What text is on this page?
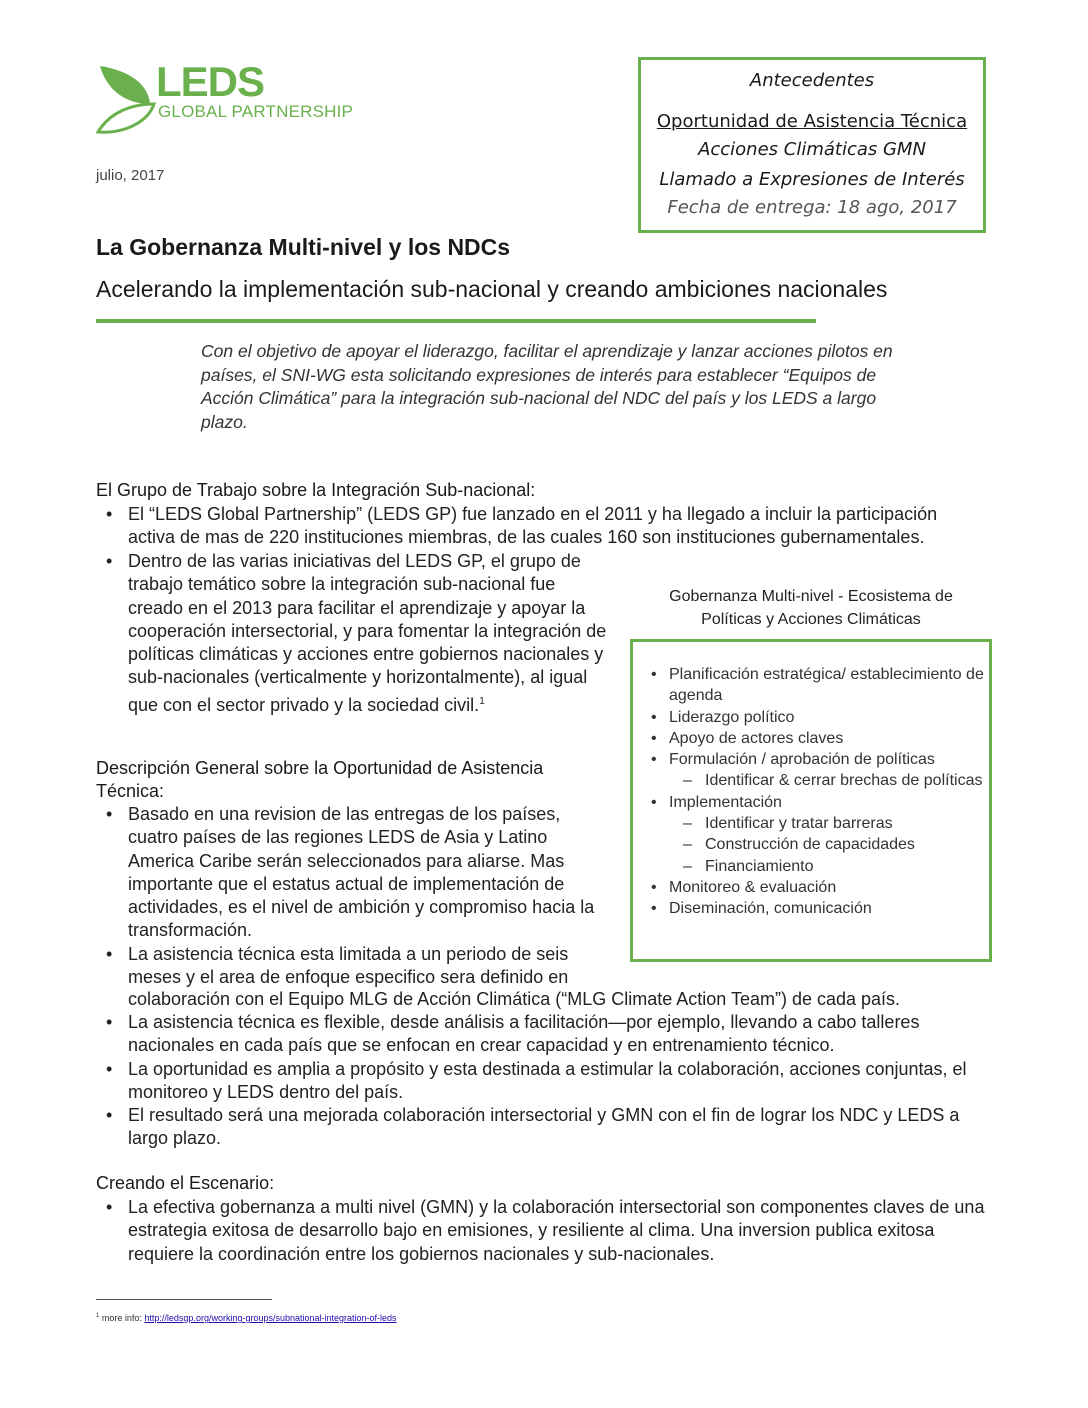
LEDS
GLOBAL PARTNERSHIP
julio, 2017
Antecedentes
Oportunidad de Asistencia Técnica
Acciones Climáticas GMN
Llamado a Expresiones de Interés
Fecha de entrega: 18 ago, 2017
La Gobernanza Multi-nivel y los NDCs
Acelerando la implementación sub-nacional y creando ambiciones nacionales
Con el objetivo de apoyar el liderazgo, facilitar el aprendizaje y lanzar acciones pilotos en países, el SNI-WG esta solicitando expresiones de interés para establecer “Equipos de Acción Climática” para la integración sub-nacional del NDC del país y los LEDS a largo plazo.
El Grupo de Trabajo sobre la Integración Sub-nacional:
• El “LEDS Global Partnership” (LEDS GP) fue lanzado en el 2011 y ha llegado a incluir la participación activa de mas de 220 instituciones miembras, de las cuales 160 son instituciones gubernamentales.
• Dentro de las varias iniciativas del LEDS GP, el grupo de trabajo temático sobre la integración sub-nacional fue creado en el 2013 para facilitar el aprendizaje y apoyar la cooperación intersectorial, y para fomentar la integración de políticas climáticas y acciones entre gobiernos nacionales y sub-nacionales (verticalmente y horizontalmente), al igual que con el sector privado y la sociedad civil.$^1$
Descripción General sobre la Oportunidad de Asistencia
Técnica:
• Basado en una revision de las entregas de los países, cuatro países de las regiones LEDS de Asia y Latino America Caribe serán seleccionados para aliarse. Mas importante que el estatus actual de implementación de actividades, es el nivel de ambición y compromiso hacia la transformación.
• La asistencia técnica esta limitada a un periodo de seis meses y el area de enfoque especifico sera definido en
colaboración con el Equipo MLG de Acción Climática (“MLG Climate Action Team”) de cada país.
• La asistencia técnica es flexible, desde análisis a facilitación—por ejemplo, llevando a cabo talleres nacionales en cada país que se enfocan en crear capacidad y en entrenamiento técnico.
• La oportunidad es amplia a propósito y esta destinada a estimular la colaboración, acciones conjuntas, el monitoreo y LEDS dentro del país.
• El resultado será una mejorada colaboración intersectorial y GMN con el fin de lograr los NDC y LEDS a largo plazo.
Creando el Escenario:
• La efectiva gobernanza a multi nivel (GMN) y la colaboración intersectorial son componentes claves de una estrategia exitosa de desarrollo bajo en emisiones, y resiliente al clima. Una inversion publica exitosa requiere la coordinación entre los gobiernos nacionales y sub-nacionales.
Gobernanza Multi-nivel - Ecosistema de
Políticas y Acciones Climáticas
• Planificación estratégica/ establecimiento de agenda
• Liderazgo político
• Apoyo de actores claves
• Formulación / aprobación de políticas
– Identificar & cerrar brechas de políticas
• Implementación
– Identificar y tratar barreras
– Construcción de capacidades
– Financiamiento
• Monitoreo & evaluación
• Diseminación, comunicación
$^1$ more info: http://ledsgp.org/working-groups/subnational-integration-of-leds
